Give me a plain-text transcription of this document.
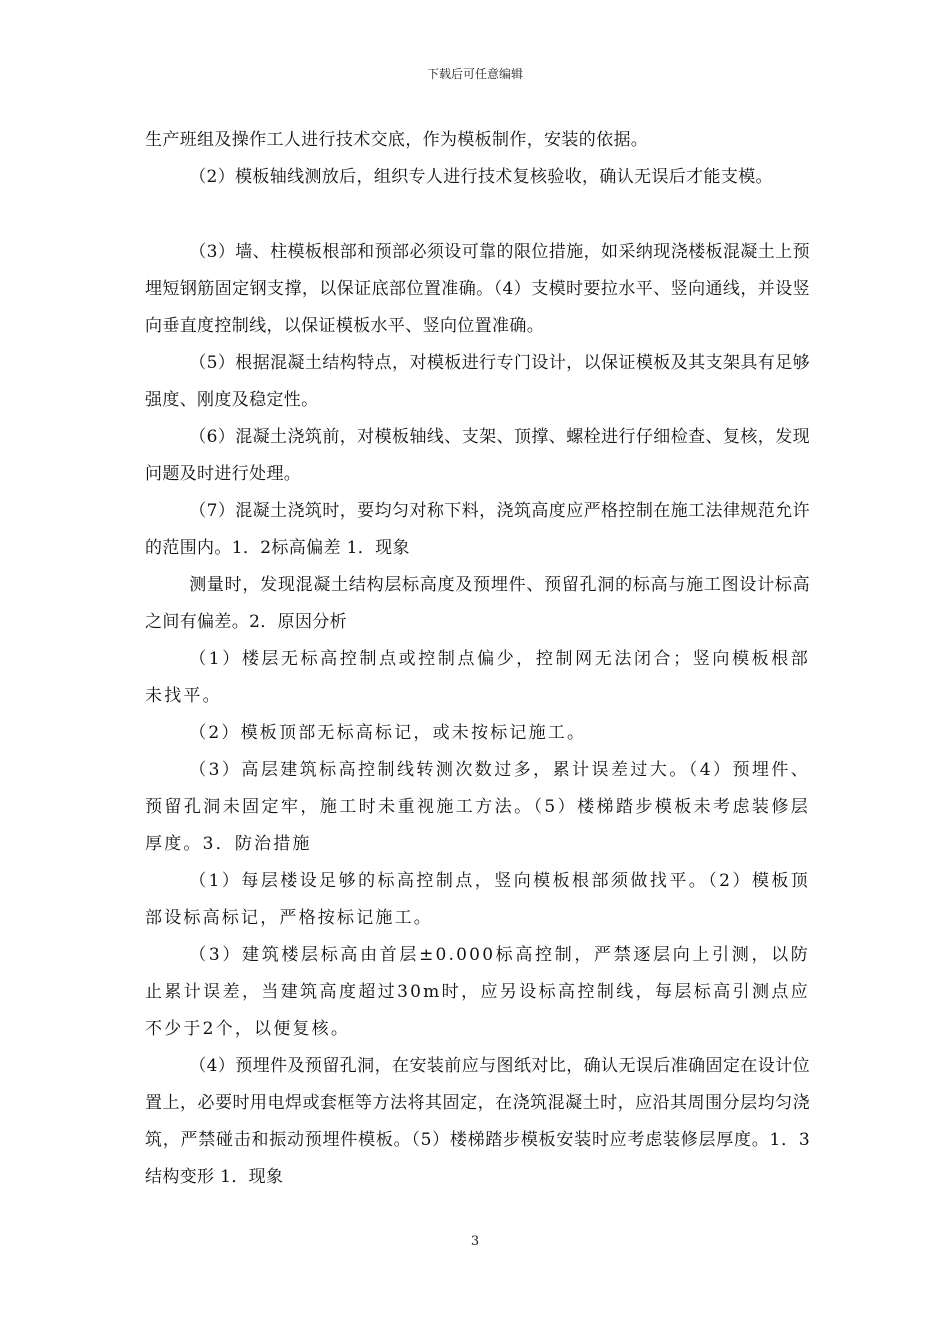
下载后可任意编辑

生产班组及操作工人进行技术交底，作为模板制作，安装的依据。

（2）模板轴线测放后，组织专人进行技术复核验收，确认无误后才能支模。

（3）墙、柱模板根部和预部必须设可靠的限位措施，如采纳现浇楼板混凝土上预埋短钢筋固定钢支撑，以保证底部位置准确。（4）支模时要拉水平、竖向通线，并设竖向垂直度控制线，以保证模板水平、竖向位置准确。

（5）根据混凝土结构特点，对模板进行专门设计，以保证模板及其支架具有足够强度、刚度及稳定性。

（6）混凝土浇筑前，对模板轴线、支架、顶撑、螺栓进行仔细检查、复核，发现问题及时进行处理。

（7）混凝土浇筑时，要均匀对称下料，浇筑高度应严格控制在施工法律规范允许的范围内。1．2标高偏差 1．现象

测量时，发现混凝土结构层标高度及预埋件、预留孔洞的标高与施工图设计标高之间有偏差。2．原因分析

（1）楼层无标高控制点或控制点偏少，控制网无法闭合；竖向模板根部未找平。

（2）模板顶部无标高标记，或未按标记施工。

（3）高层建筑标高控制线转测次数过多，累计误差过大。（4）预埋件、预留孔洞未固定牢，施工时未重视施工方法。（5）楼梯踏步模板未考虑装修层厚度。3．防治措施

（1）每层楼设足够的标高控制点，竖向模板根部须做找平。（2）模板顶部设标高标记，严格按标记施工。

（3）建筑楼层标高由首层±0.000标高控制，严禁逐层向上引测，以防止累计误差，当建筑高度超过30m时，应另设标高控制线，每层标高引测点应不少于2个，以便复核。

（4）预埋件及预留孔洞，在安装前应与图纸对比，确认无误后准确固定在设计位置上，必要时用电焊或套框等方法将其固定，在浇筑混凝土时，应沿其周围分层均匀浇筑，严禁碰击和振动预埋件模板。（5）楼梯踏步模板安装时应考虑装修层厚度。1．3结构变形 1．现象

3
